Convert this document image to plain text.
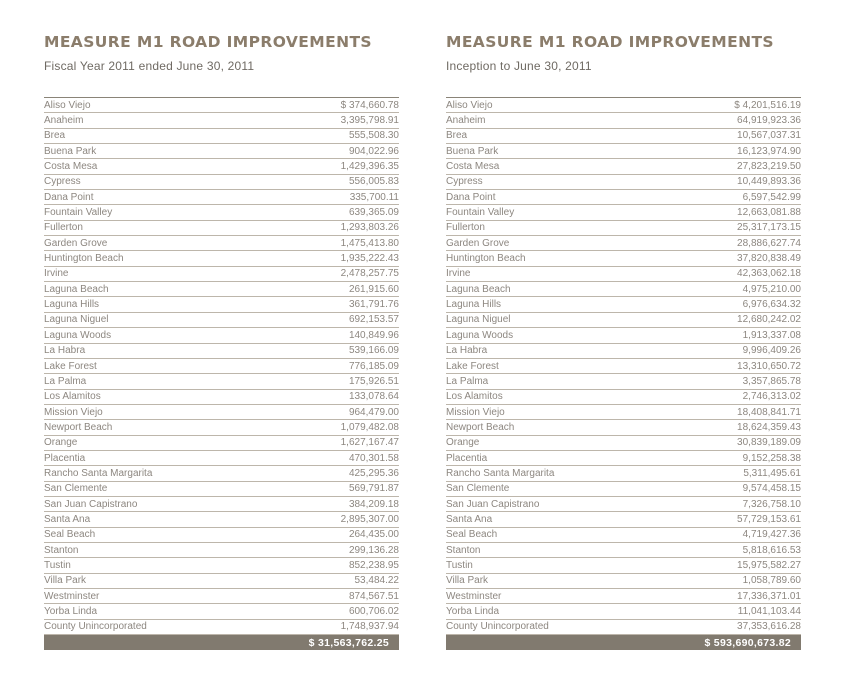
MEASURE M1 ROAD IMPROVEMENTS
Fiscal Year 2011 ended June 30, 2011
Aliso Viejo	$ 374,660.78
Anaheim	3,395,798.91
Brea	555,508.30
Buena Park	904,022.96
Costa Mesa	1,429,396.35
Cypress	556,005.83
Dana Point	335,700.11
Fountain Valley	639,365.09
Fullerton	1,293,803.26
Garden Grove	1,475,413.80
Huntington Beach	1,935,222.43
Irvine	2,478,257.75
Laguna Beach	261,915.60
Laguna Hills	361,791.76
Laguna Niguel	692,153.57
Laguna Woods	140,849.96
La Habra	539,166.09
Lake Forest	776,185.09
La Palma	175,926.51
Los Alamitos	133,078.64
Mission Viejo	964,479.00
Newport Beach	1,079,482.08
Orange	1,627,167.47
Placentia	470,301.58
Rancho Santa Margarita	425,295.36
San Clemente	569,791.87
San Juan Capistrano	384,209.18
Santa Ana	2,895,307.00
Seal Beach	264,435.00
Stanton	299,136.28
Tustin	852,238.95
Villa Park	53,484.22
Westminster	874,567.51
Yorba Linda	600,706.02
County Unincorporated	1,748,937.94
$ 31,563,762.25
MEASURE M1 ROAD IMPROVEMENTS
Inception to June 30, 2011
Aliso Viejo	$ 4,201,516.19
Anaheim	64,919,923.36
Brea	10,567,037.31
Buena Park	16,123,974.90
Costa Mesa	27,823,219.50
Cypress	10,449,893.36
Dana Point	6,597,542.99
Fountain Valley	12,663,081.88
Fullerton	25,317,173.15
Garden Grove	28,886,627.74
Huntington Beach	37,820,838.49
Irvine	42,363,062.18
Laguna Beach	4,975,210.00
Laguna Hills	6,976,634.32
Laguna Niguel	12,680,242.02
Laguna Woods	1,913,337.08
La Habra	9,996,409.26
Lake Forest	13,310,650.72
La Palma	3,357,865.78
Los Alamitos	2,746,313.02
Mission Viejo	18,408,841.71
Newport Beach	18,624,359.43
Orange	30,839,189.09
Placentia	9,152,258.38
Rancho Santa Margarita	5,311,495.61
San Clemente	9,574,458.15
San Juan Capistrano	7,326,758.10
Santa Ana	57,729,153.61
Seal Beach	4,719,427.36
Stanton	5,818,616.53
Tustin	15,975,582.27
Villa Park	1,058,789.60
Westminster	17,336,371.01
Yorba Linda	11,041,103.44
County Unincorporated	37,353,616.28
$ 593,690,673.82
